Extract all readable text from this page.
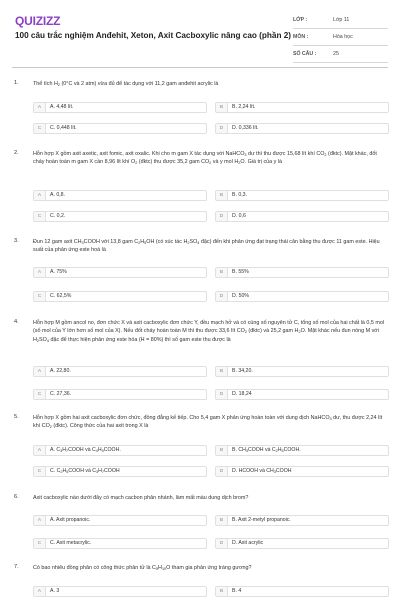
QUIZIZZ
100 câu trắc nghiệm Anđehit, Xeton, Axit Cacboxylic nâng cao (phần 2)
LỚP :	Lớp 11
MÔN :	Hóa học
SỐ CÂU :	25
1.	Thể tích $H_2$ (0°C và 2 atm) vừa đủ để tác dụng với 11,2 gam anđehit acrylic là
2.	Hỗn hợp X gồm axit axetic, axit fomic, axit oxalic. Khi cho m gam X tác dụng với NaHCO$_3$ dư thì thu được 15,68 lít khí $CO_2$ (đktc). Mặt khác, đốt cháy hoàn toàn m gam X cần 8,96 lít khí $O_2$ (đktc) thu được 35,2 gam $CO_2$ và y mol $H_2O$. Giá trị của y là
3.	Đun 12 gam axit $CH_3COOH$ với 13,8 gam $C_2H_5OH$ (có xúc tác $H_2SO_4$ đặc) đến khi phản ứng đạt trạng thái cân bằng thu được 11 gam este. Hiệu suất của phản ứng este hoá là
4.	Hỗn hợp M gồm ancol no, đơn chức X và axit cacboxylic đơn chức Y, đều mạch hở và có cùng số nguyên tử C, tổng số mol của hai chất là 0,5 mol (số mol của Y lớn hơn số mol của X). Nếu đốt cháy hoàn toàn M thì thu được 33,6 lít $CO_2$ (đktc) và 25,2 gam $H_2O$. Mặt khác nếu đun nóng M với $H_2SO_4$ đặc để thực hiện phản ứng este hóa (H = 80%) thì số gam este thu được là
5.	Hỗn hợp X gồm hai axit cacboxylic đơn chức, đồng đẳng kế tiếp. Cho 5,4 gam X phản ứng hoàn toàn với dung dịch NaHCO$_3$ dư, thu được 2,24 lít khí $CO_2$ (đktc). Công thức của hai axit trong X là
6.	Axit cacboxylic nào dưới đây có mạch cacbon phân nhánh, làm mất màu dung dịch brom?
7.	Có bao nhiêu đồng phân có công thức phân tử là $C_5H_{10}O$ tham gia phản ứng tráng gương?
A	A. 4,48 lít.	B	B. 2,24 lít.
C	C. 0,448 lít.	D	D. 0,336 lít.
A	A. 0,8.	B	B. 0,3.
C	C. 0,2.	D	D. 0,6
A	A. 75%	B	B. 55%
C	C. 62,5%	D	D. 50%
A	A. 22,80.	B	B. 34,20.
C	C. 27,36.	D	D. 18,24
A	A. $C_3H_7COOH$ và $C_4H_9COOH$.	B	B. $CH_3COOH$ và $C_2H_5COOH$.
C	C. $C_2H_5COOH$ và $C_3H_7COOH$	D	D. HCOOH và $CH_3COOH$
A	A. Axit propanoic.	B	B. Axit 2-metyl propanoic.
C	C. Axit metacrylic.	D	D. Axit acrylic
A	A. 3	B	B. 4
